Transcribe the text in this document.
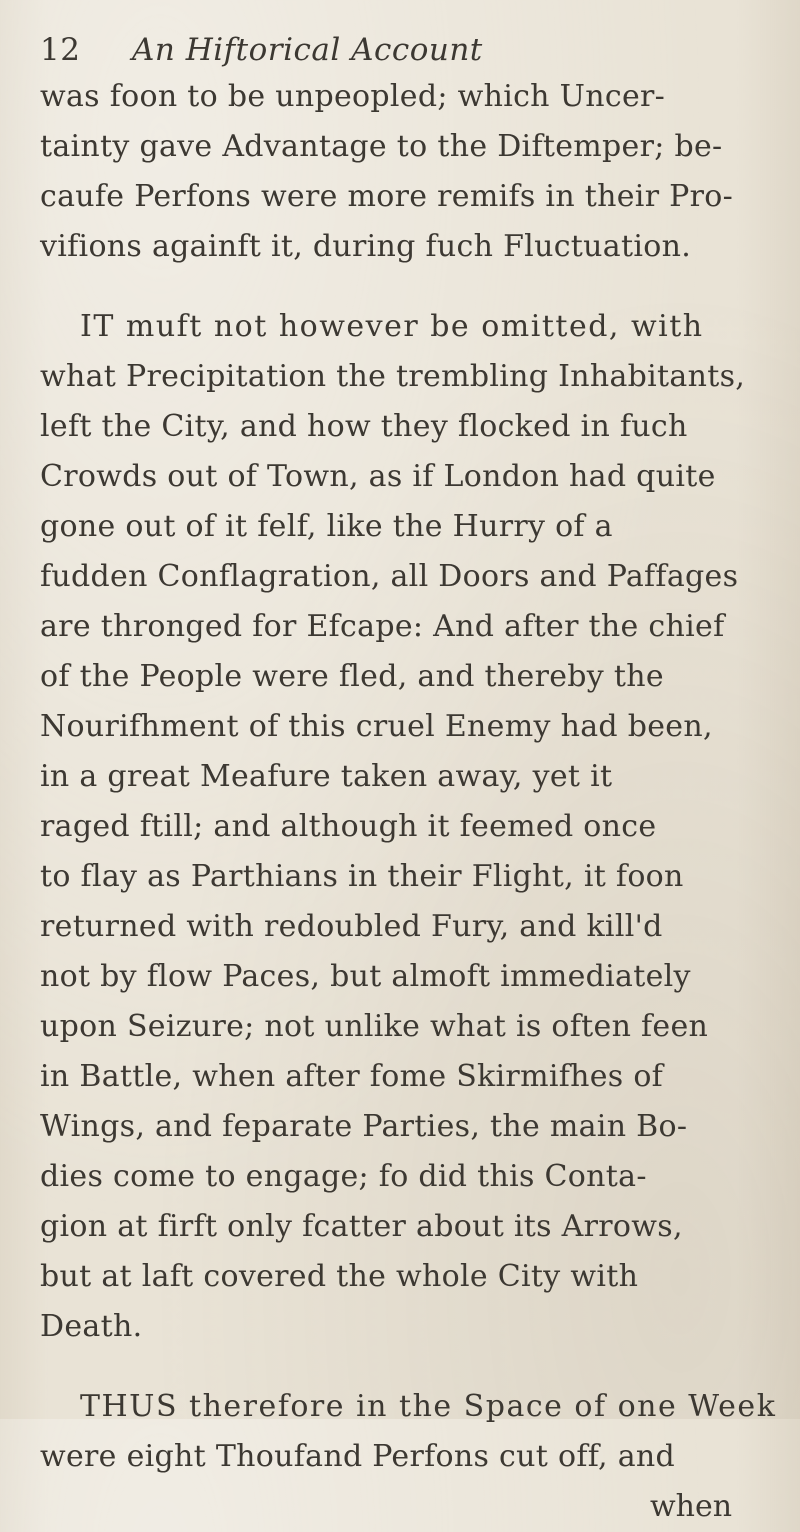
12 An Hiftorical Account
was foon to be unpeopled; which Uncer-
tainty gave Advantage to the Diftemper; be-
caufe Perfons were more remifs in their Pro-
vifions againft it, during fuch Fluctuation.
IT muft not however be omitted, with
what Precipitation the trembling Inhabitants,
left the City, and how they flocked in fuch
Crowds out of Town, as if London had quite
gone out of it felf, like the Hurry of a
fudden Conflagration, all Doors and Paffages
are thronged for Efcape: And after the chief
of the People were fled, and thereby the
Nourifhment of this cruel Enemy had been,
in a great Meafure taken away, yet it
raged ftill; and although it feemed once
to flay as Parthians in their Flight, it foon
returned with redoubled Fury, and kill'd
not by flow Paces, but almoft immediately
upon Seizure; not unlike what is often feen
in Battle, when after fome Skirmifhes of
Wings, and feparate Parties, the main Bo-
dies come to engage; fo did this Conta-
gion at firft only fcatter about its Arrows,
but at laft covered the whole City with
Death.
THUS therefore in the Space of one Week
were eight Thoufand Perfons cut off, and
when
